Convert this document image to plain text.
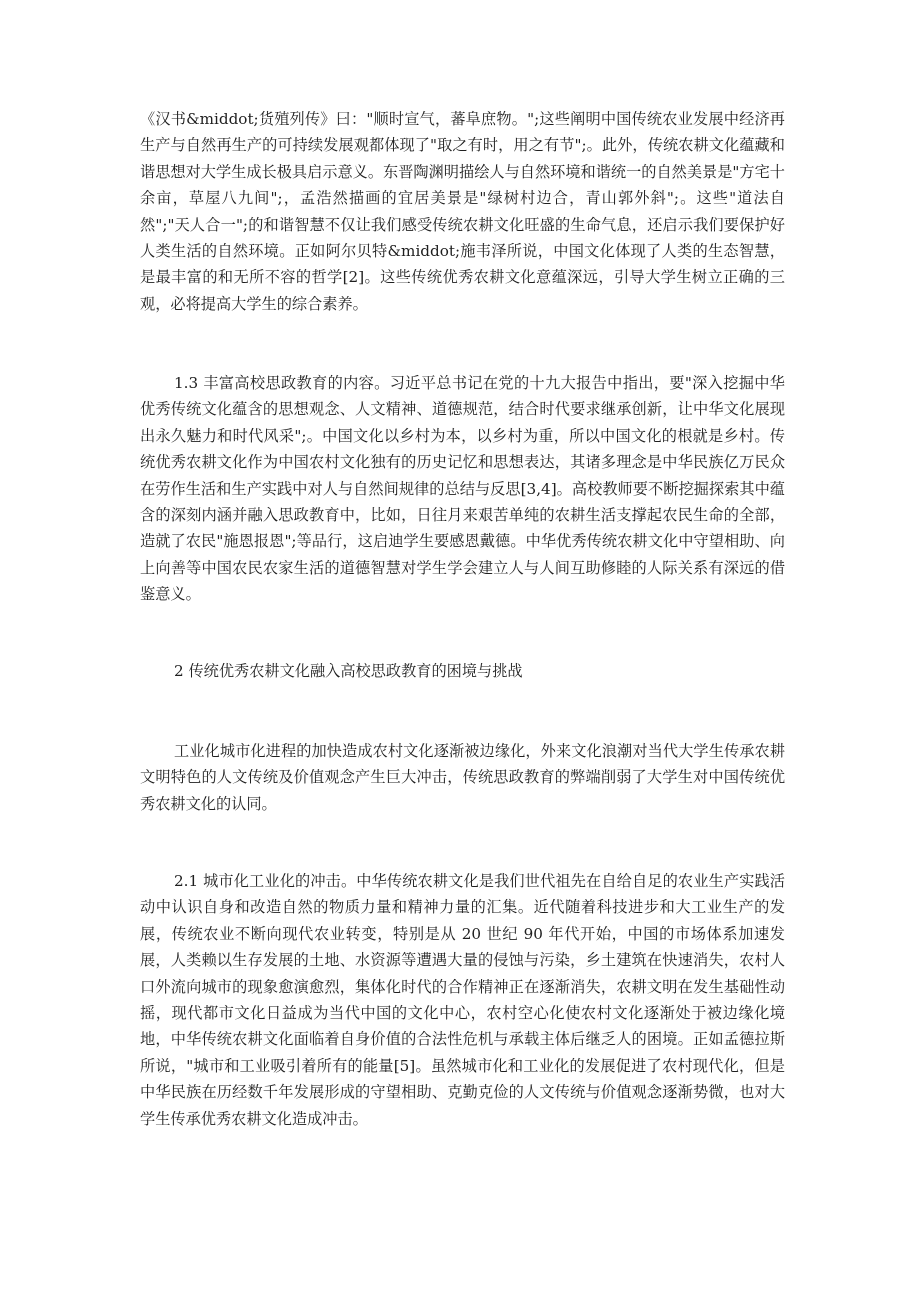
《汉书&middot;货殖列传》曰："顺时宣气，蕃阜庶物。";这些阐明中国传统农业发展中经济再生产与自然再生产的可持续发展观都体现了"取之有时，用之有节";。此外，传统农耕文化蕴藏和谐思想对大学生成长极具启示意义。东晋陶渊明描绘人与自然环境和谐统一的自然美景是"方宅十余亩，草屋八九间";，孟浩然描画的宜居美景是"绿树村边合，青山郭外斜";。这些"道法自然";"天人合一";的和谐智慧不仅让我们感受传统农耕文化旺盛的生命气息，还启示我们要保护好人类生活的自然环境。正如阿尔贝特&middot;施韦泽所说，中国文化体现了人类的生态智慧，是最丰富的和无所不容的哲学[2]。这些传统优秀农耕文化意蕴深远，引导大学生树立正确的三观，必将提高大学生的综合素养。

1.3 丰富高校思政教育的内容。习近平总书记在党的十九大报告中指出，要"深入挖掘中华优秀传统文化蕴含的思想观念、人文精神、道德规范，结合时代要求继承创新，让中华文化展现出永久魅力和时代风采";。中国文化以乡村为本，以乡村为重，所以中国文化的根就是乡村。传统优秀农耕文化作为中国农村文化独有的历史记忆和思想表达，其诸多理念是中华民族亿万民众在劳作生活和生产实践中对人与自然间规律的总结与反思[3,4]。高校教师要不断挖掘探索其中蕴含的深刻内涵并融入思政教育中，比如，日往月来艰苦单纯的农耕生活支撑起农民生命的全部，造就了农民"施恩报恩";等品行，这启迪学生要感恩戴德。中华优秀传统农耕文化中守望相助、向上向善等中国农民农家生活的道德智慧对学生学会建立人与人间互助修睦的人际关系有深远的借鉴意义。

2 传统优秀农耕文化融入高校思政教育的困境与挑战

工业化城市化进程的加快造成农村文化逐渐被边缘化，外来文化浪潮对当代大学生传承农耕文明特色的人文传统及价值观念产生巨大冲击，传统思政教育的弊端削弱了大学生对中国传统优秀农耕文化的认同。

2.1 城市化工业化的冲击。中华传统农耕文化是我们世代祖先在自给自足的农业生产实践活动中认识自身和改造自然的物质力量和精神力量的汇集。近代随着科技进步和大工业生产的发展，传统农业不断向现代农业转变，特别是从 20 世纪 90 年代开始，中国的市场体系加速发展，人类赖以生存发展的土地、水资源等遭遇大量的侵蚀与污染，乡土建筑在快速消失，农村人口外流向城市的现象愈演愈烈，集体化时代的合作精神正在逐渐消失，农耕文明在发生基础性动摇，现代都市文化日益成为当代中国的文化中心，农村空心化使农村文化逐渐处于被边缘化境地，中华传统农耕文化面临着自身价值的合法性危机与承载主体后继乏人的困境。正如孟德拉斯所说，"城市和工业吸引着所有的能量[5]。虽然城市化和工业化的发展促进了农村现代化，但是中华民族在历经数千年发展形成的守望相助、克勤克俭的人文传统与价值观念逐渐势微，也对大学生传承优秀农耕文化造成冲击。
